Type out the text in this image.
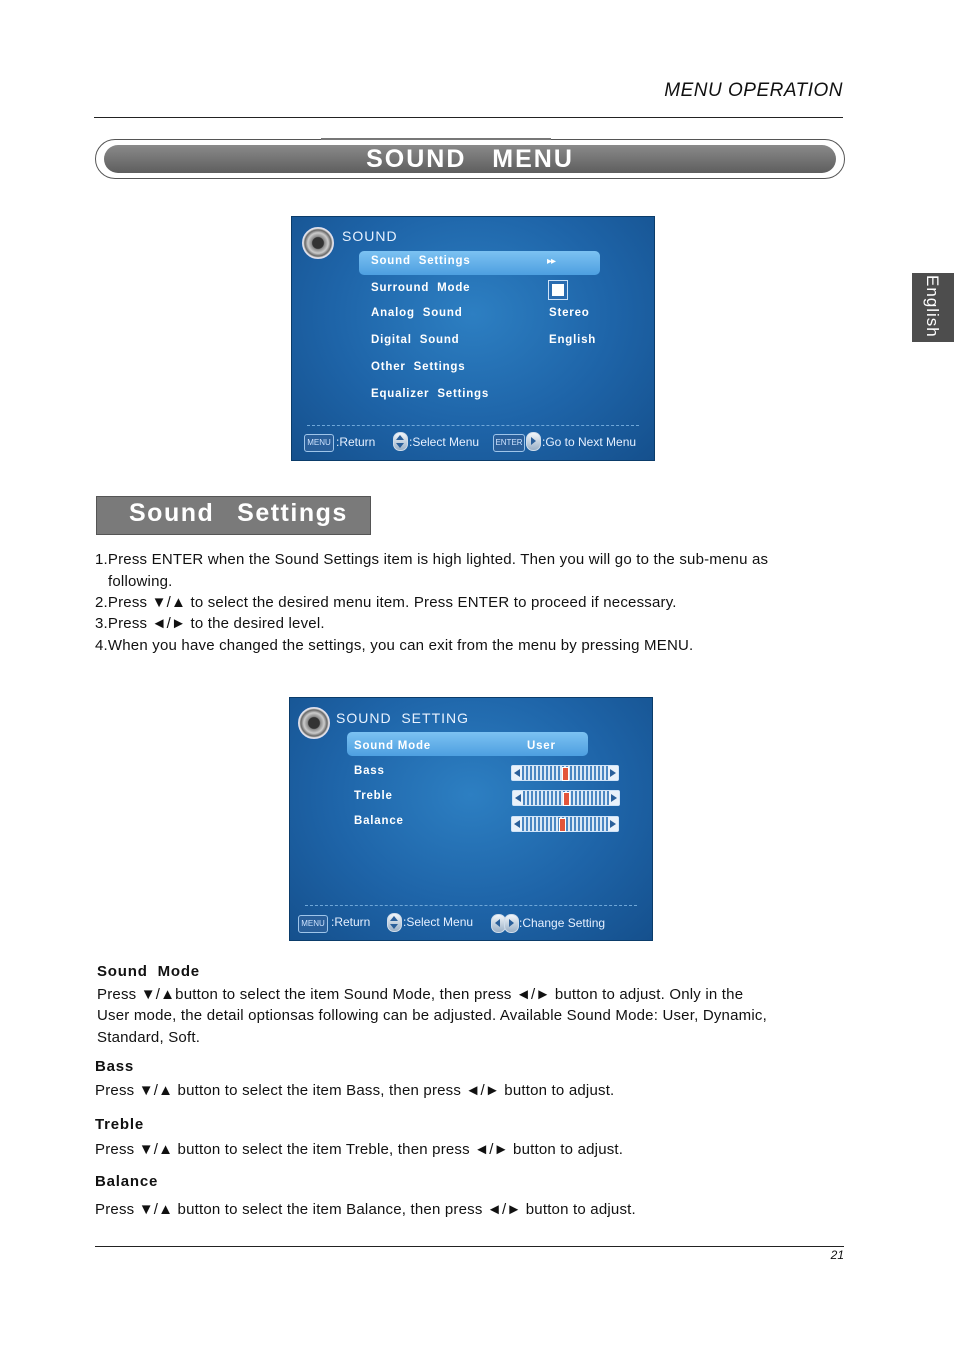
MENU OPERATION
SOUND  MENU
English
SOUND
Sound  Settings	▸▸
Surround  Mode
Analog  Sound	Stereo
Digital  Sound	English
Other  Settings
Equalizer  Settings
MENU :Return	:Select Menu	ENTER :Go to Next Menu
Sound  Settings
1.Press ENTER when the Sound Settings item is high lighted. Then you will go to the sub-menu as
following.
2.Press ▼/▲ to select the desired menu item. Press ENTER to proceed if necessary.
3.Press ◄/► to the desired level.
4.When you have changed the settings, you can exit from the menu by pressing MENU.
SOUND  SETTING
Sound Mode	User
Bass
Treble
Balance
MENU :Return	:Select Menu	:Change Setting
Sound  Mode
Press ▼/▲button to select the item Sound Mode, then press ◄/► button to adjust. Only in the
User mode, the detail optionsas following can be adjusted. Available Sound Mode: User, Dynamic,
Standard, Soft.
Bass
Press ▼/▲ button to select the item Bass, then press ◄/► button to adjust.
Treble
Press ▼/▲ button to select the item Treble, then press ◄/► button to adjust.
Balance
Press ▼/▲ button to select the item Balance, then press ◄/► button to adjust.
21
